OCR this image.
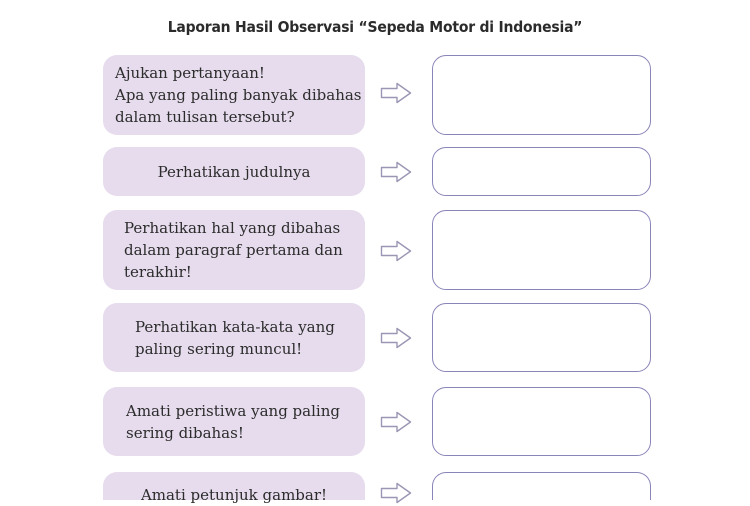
Laporan Hasil Observasi “Sepeda Motor di Indonesia”
Ajukan pertanyaan!
Apa yang paling banyak dibahas
dalam tulisan tersebut?
Perhatikan judulnya
Perhatikan hal yang dibahas
dalam paragraf pertama dan
terakhir!
Perhatikan kata-kata yang
paling sering muncul!
Amati peristiwa yang paling
sering dibahas!
Amati petunjuk gambar!
